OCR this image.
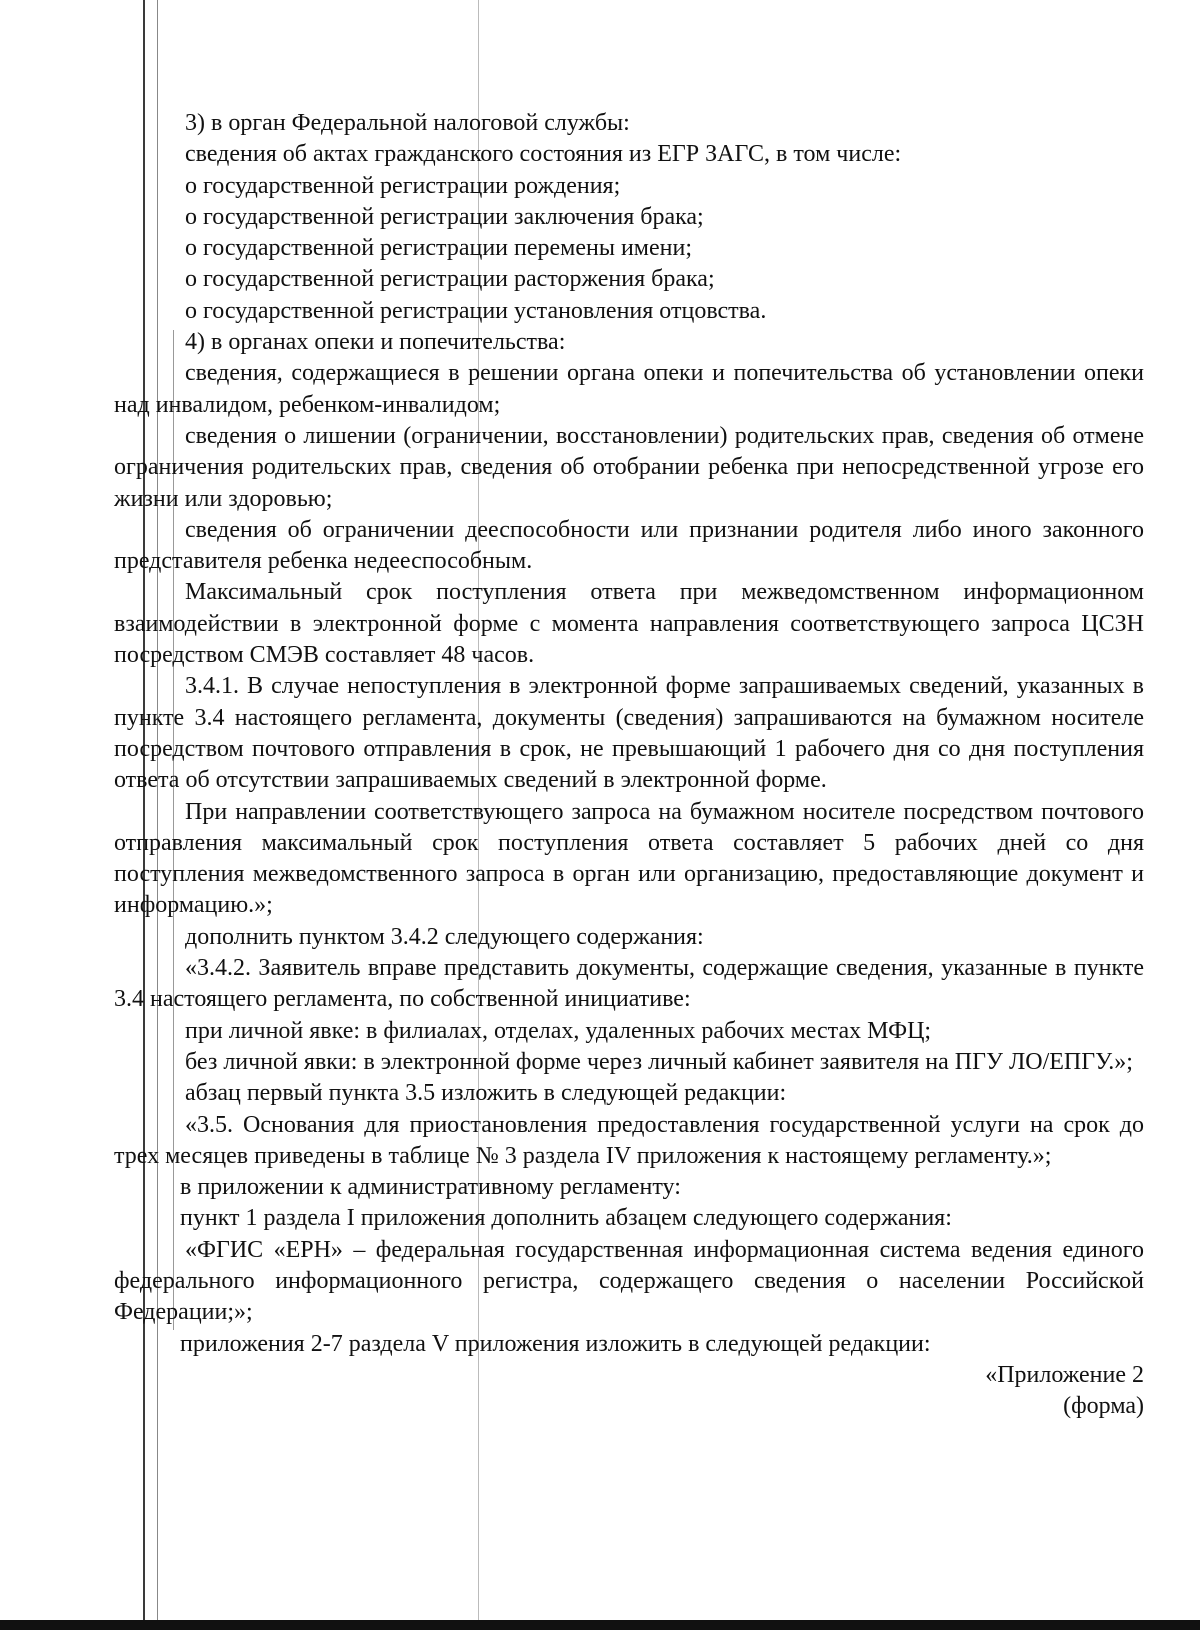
3) в орган Федеральной налоговой службы:

сведения об актах гражданского состояния из ЕГР ЗАГС, в том числе:

о государственной регистрации рождения;

о государственной регистрации заключения брака;

о государственной регистрации перемены имени;

о государственной регистрации расторжения брака;

о государственной регистрации установления отцовства.

4) в органах опеки и попечительства:

сведения, содержащиеся в решении органа опеки и попечительства об установлении опеки над инвалидом, ребенком-инвалидом;

сведения о лишении (ограничении, восстановлении) родительских прав, сведения об отмене ограничения родительских прав, сведения об отобрании ребенка при непосредственной угрозе его жизни или здоровью;

сведения об ограничении дееспособности или признании родителя либо иного законного представителя ребенка недееспособным.

Максимальный срок поступления ответа при межведомственном информационном взаимодействии в электронной форме с момента направления соответствующего запроса ЦСЗН посредством СМЭВ составляет 48 часов.

3.4.1. В случае непоступления в электронной форме запрашиваемых сведений, указанных в пункте 3.4 настоящего регламента, документы (сведения) запрашиваются на бумажном носителе посредством почтового отправления в срок, не превышающий 1 рабочего дня со дня поступления ответа об отсутствии запрашиваемых сведений в электронной форме.

При направлении соответствующего запроса на бумажном носителе посредством почтового отправления максимальный срок поступления ответа составляет 5 рабочих дней со дня поступления межведомственного запроса в орган или организацию, предоставляющие документ и информацию.»;

дополнить пунктом 3.4.2 следующего содержания:

«3.4.2. Заявитель вправе представить документы, содержащие сведения, указанные в пункте 3.4 настоящего регламента, по собственной инициативе:

при личной явке: в филиалах, отделах, удаленных рабочих местах МФЦ;

без личной явки: в электронной форме через личный кабинет заявителя на ПГУ ЛО/ЕПГУ.»;

абзац первый пункта 3.5 изложить в следующей редакции:

«3.5. Основания для приостановления предоставления государственной услуги на срок до трех месяцев приведены в таблице № 3 раздела IV приложения к настоящему регламенту.»;

в приложении к административному регламенту:

пункт 1 раздела I приложения дополнить абзацем следующего содержания:

«ФГИС «ЕРН» – федеральная государственная информационная система ведения единого федерального информационного регистра, содержащего сведения о населении Российской Федерации;»;

приложения 2-7 раздела V приложения изложить в следующей редакции:

«Приложение 2

(форма)
